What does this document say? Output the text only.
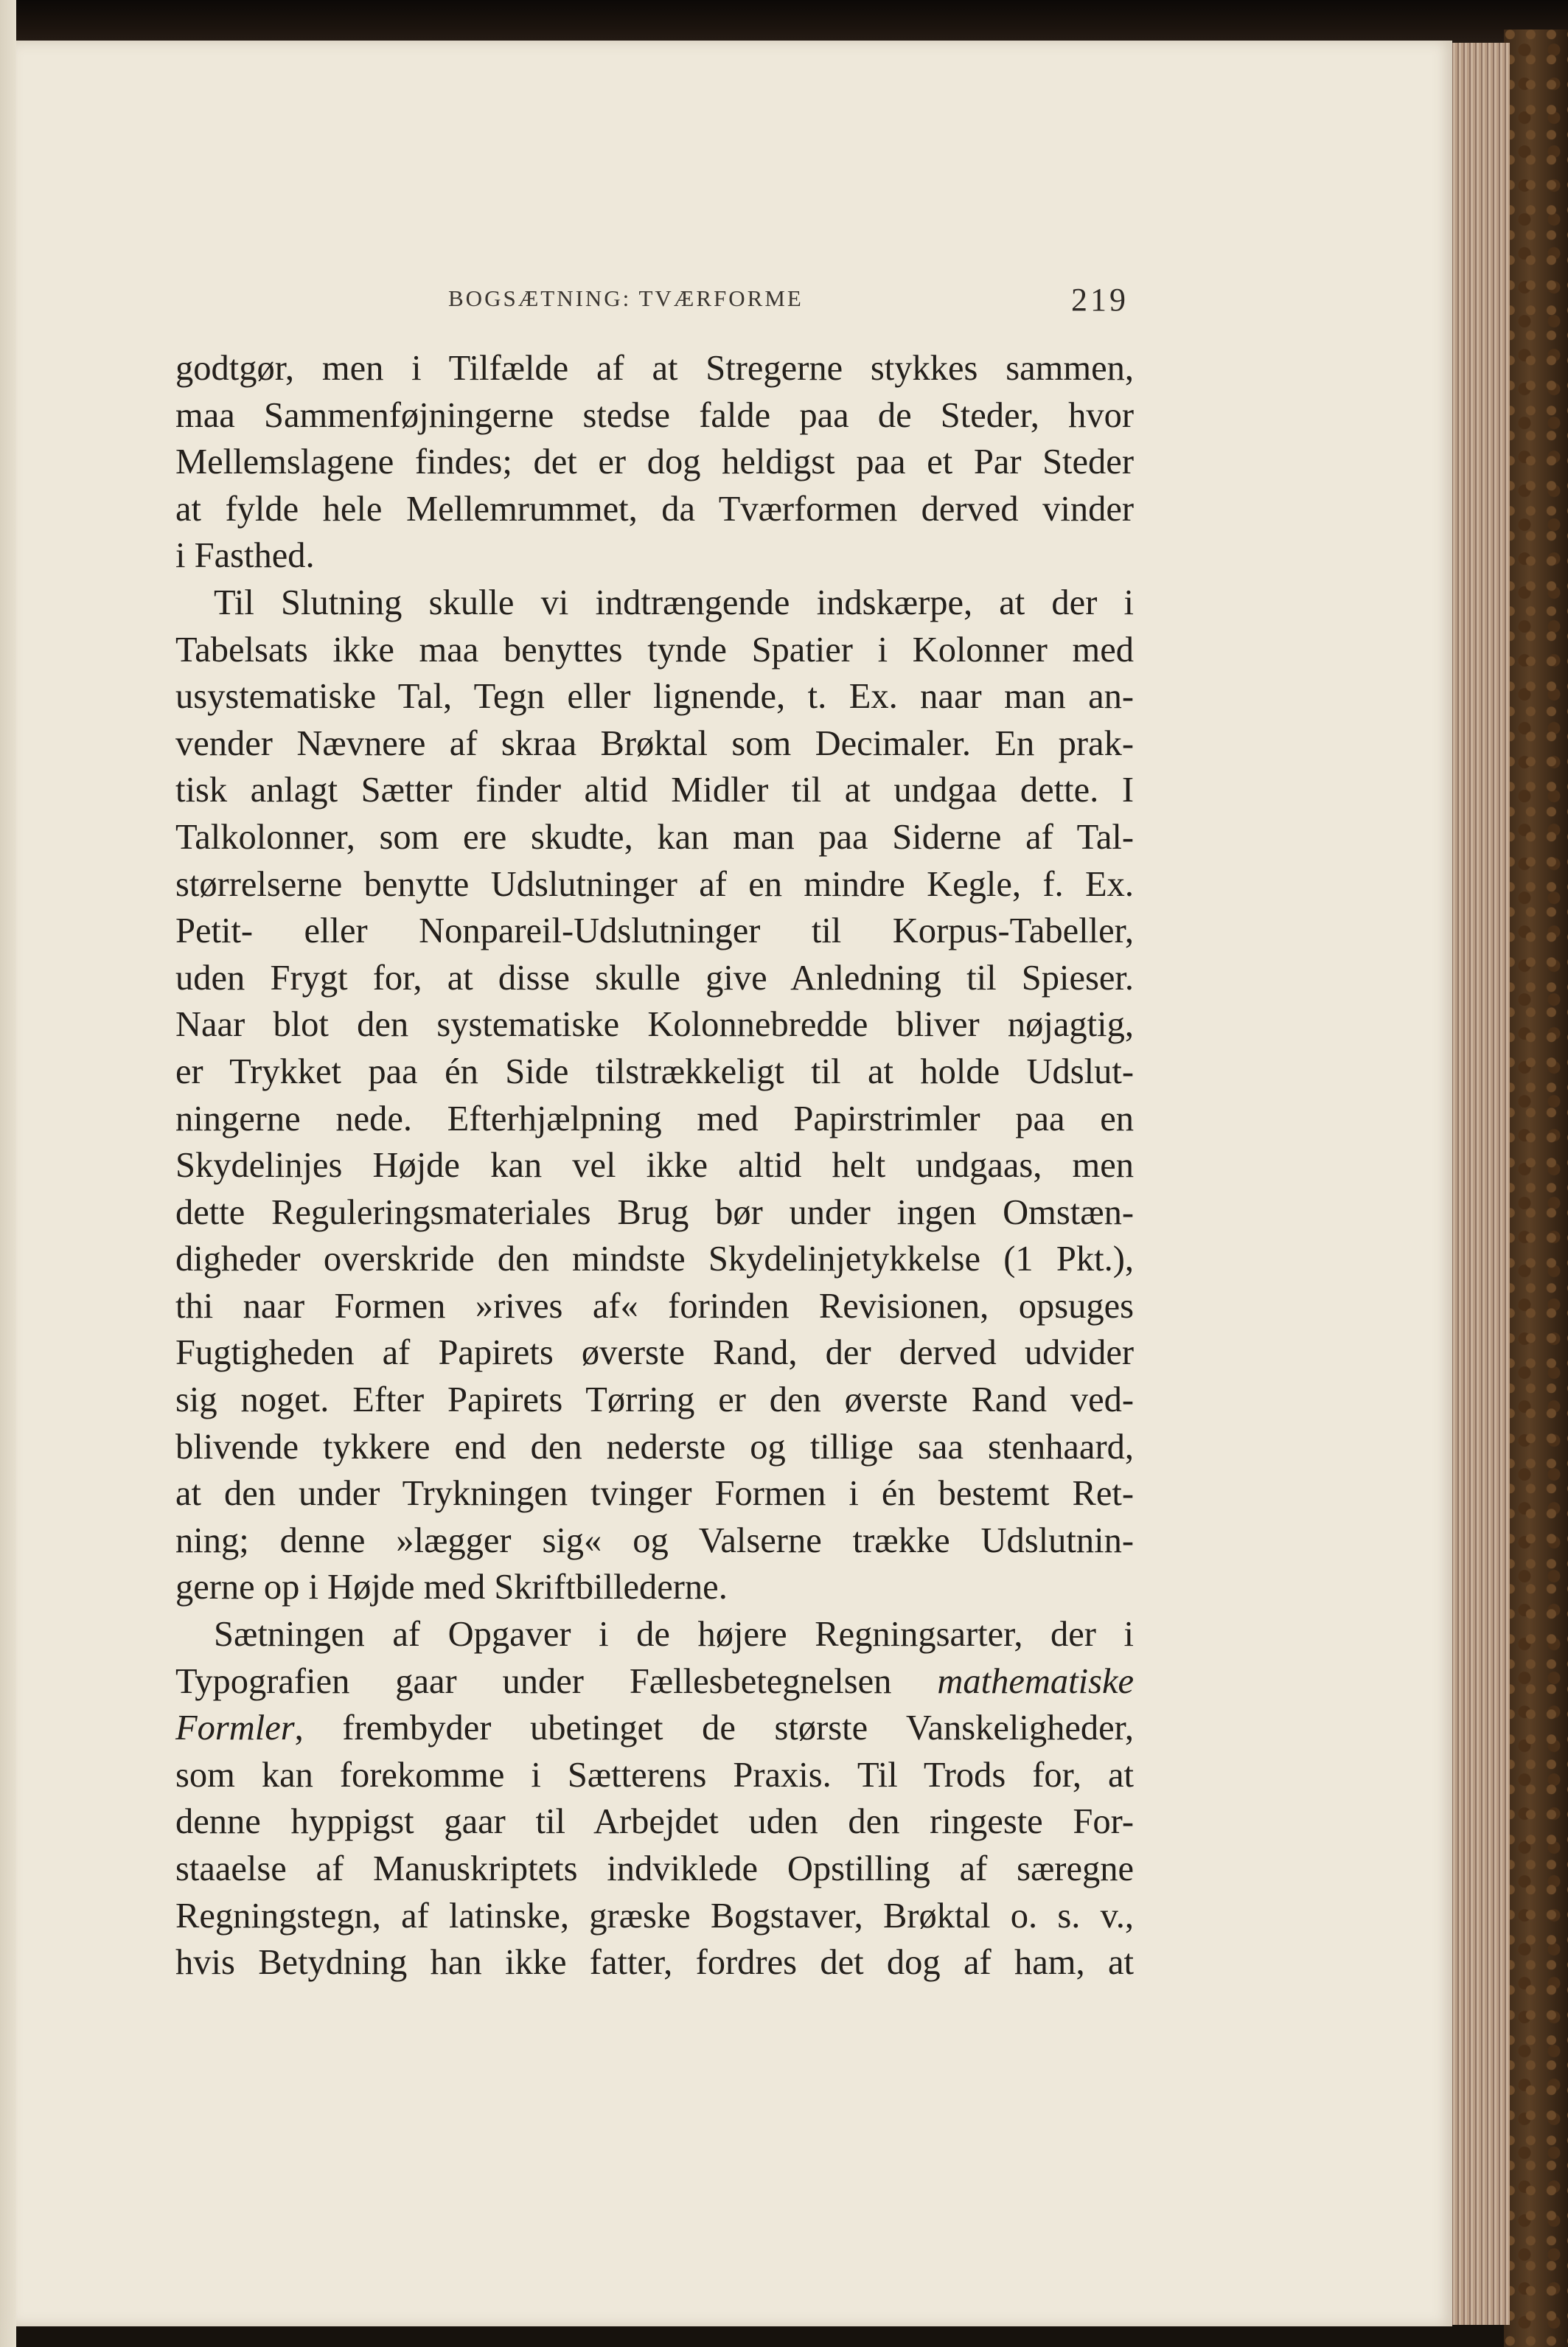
BOGSÆTNING: TVÆRFORME	219
godtgør, men i Tilfælde af at Stregerne stykkes sammen,
maa Sammenføjningerne stedse falde paa de Steder, hvor
Mellemslagene findes; det er dog heldigst paa et Par Steder
at fylde hele Mellemrummet, da Tværformen derved vinder
i Fasthed.
Til Slutning skulle vi indtrængende indskærpe, at der i
Tabelsats ikke maa benyttes tynde Spatier i Kolonner med
usystematiske Tal, Tegn eller lignende, t. Ex. naar man an-
vender Nævnere af skraa Brøktal som Decimaler. En prak-
tisk anlagt Sætter finder altid Midler til at undgaa dette. I
Talkolonner, som ere skudte, kan man paa Siderne af Tal-
størrelserne benytte Udslutninger af en mindre Kegle, f. Ex.
Petit- eller Nonpareil-Udslutninger til Korpus-Tabeller,
uden Frygt for, at disse skulle give Anledning til Spieser.
Naar blot den systematiske Kolonnebredde bliver nøjagtig,
er Trykket paa én Side tilstrækkeligt til at holde Udslut-
ningerne nede. Efterhjælpning med Papirstrimler paa en
Skydelinjes Højde kan vel ikke altid helt undgaas, men
dette Reguleringsmateriales Brug bør under ingen Omstæn-
digheder overskride den mindste Skydelinjetykkelse (1 Pkt.),
thi naar Formen »rives af« forinden Revisionen, opsuges
Fugtigheden af Papirets øverste Rand, der derved udvider
sig noget. Efter Papirets Tørring er den øverste Rand ved-
blivende tykkere end den nederste og tillige saa stenhaard,
at den under Trykningen tvinger Formen i én bestemt Ret-
ning; denne »lægger sig« og Valserne trække Udslutnin-
gerne op i Højde med Skriftbillederne.
Sætningen af Opgaver i de højere Regningsarter, der i
Typografien gaar under Fællesbetegnelsen mathematiske
Formler, frembyder ubetinget de største Vanskeligheder,
som kan forekomme i Sætterens Praxis. Til Trods for, at
denne hyppigst gaar til Arbejdet uden den ringeste For-
staaelse af Manuskriptets indviklede Opstilling af særegne
Regningstegn, af latinske, græske Bogstaver, Brøktal o. s. v.,
hvis Betydning han ikke fatter, fordres det dog af ham, at
